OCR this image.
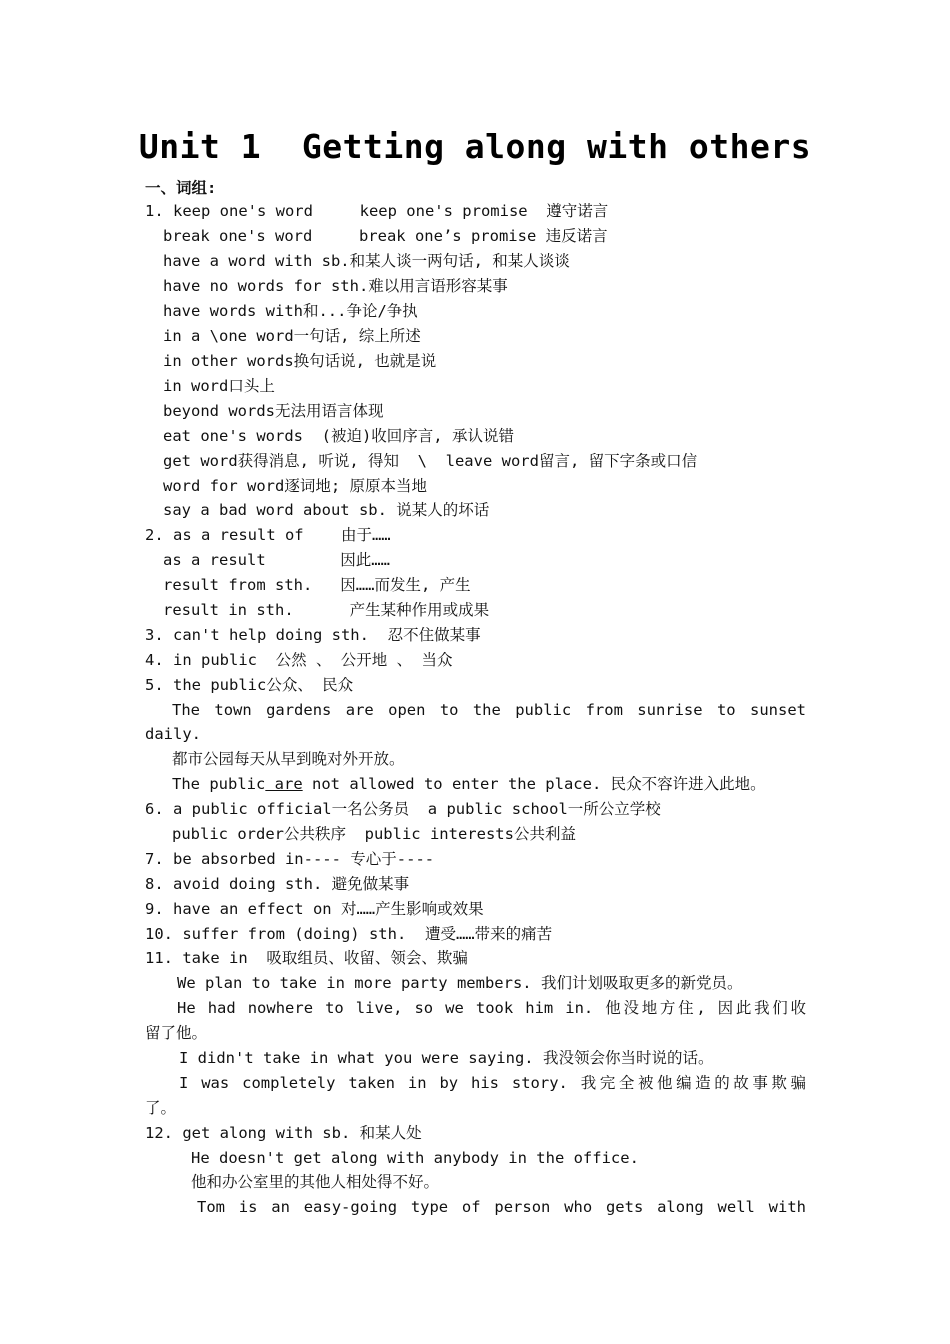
Unit 1  Getting along with others
一、词组:
1. keep one's word     keep one's promise  遵守诺言
break one's word     break one’s promise 违反诺言
have a word with sb.和某人谈一两句话, 和某人谈谈
have no words for sth.难以用言语形容某事
have words with和...争论/争执
in a \one word一句话, 综上所述
in other words换句话说, 也就是说
in word口头上
beyond words无法用语言体现
eat one's words  (被迫)收回序言, 承认说错
get word获得消息, 听说, 得知  \  leave word留言, 留下字条或口信
word for word逐词地; 原原本当地
say a bad word about sb. 说某人的坏话
2. as a result of    由于……
as a result        因此……
result from sth.   因……而发生, 产生
result in sth.      产生某种作用或成果
3. can't help doing sth.  忍不住做某事
4. in public  公然 、 公开地 、 当众
5. the public公众、 民众
The town gardens are open to the public from sunrise to sunset
daily.
都市公园每天从早到晚对外开放。
The public are not allowed to enter the place. 民众不容许进入此地。
6. a public official一名公务员  a public school一所公立学校
public order公共秩序  public interests公共利益
7. be absorbed in---- 专心于----
8. avoid doing sth. 避免做某事
9. have an effect on 对……产生影响或效果
10. suffer from (doing) sth.  遭受……带来的痛苦
11. take in  吸取组员、收留、领会、欺骗
We plan to take in more party members. 我们计划吸取更多的新党员。
He had nowhere to live, so we took him in. 他没地方住, 因此我们收
留了他。
I didn't take in what you were saying. 我没领会你当时说的话。
I was completely taken in by his story. 我完全被他编造的故事欺骗
了。
12. get along with sb. 和某人处
He doesn't get along with anybody in the office.
他和办公室里的其他人相处得不好。
Tom is an easy-going type of person who gets along well with
